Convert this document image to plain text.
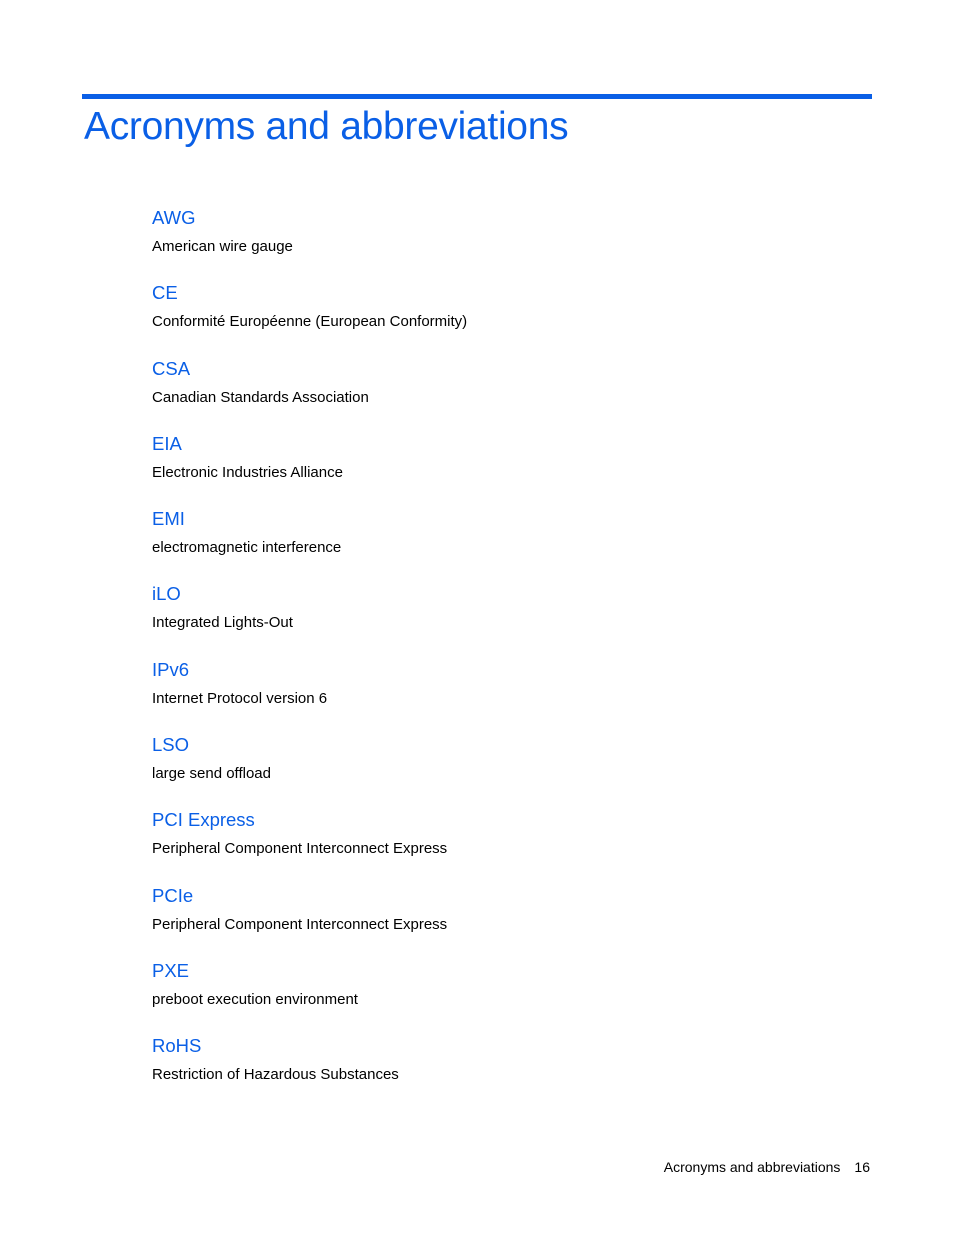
Acronyms and abbreviations
AWG
American wire gauge
CE
Conformité Européenne (European Conformity)
CSA
Canadian Standards Association
EIA
Electronic Industries Alliance
EMI
electromagnetic interference
iLO
Integrated Lights-Out
IPv6
Internet Protocol version 6
LSO
large send offload
PCI Express
Peripheral Component Interconnect Express
PCIe
Peripheral Component Interconnect Express
PXE
preboot execution environment
RoHS
Restriction of Hazardous Substances
Acronyms and abbreviations 16
